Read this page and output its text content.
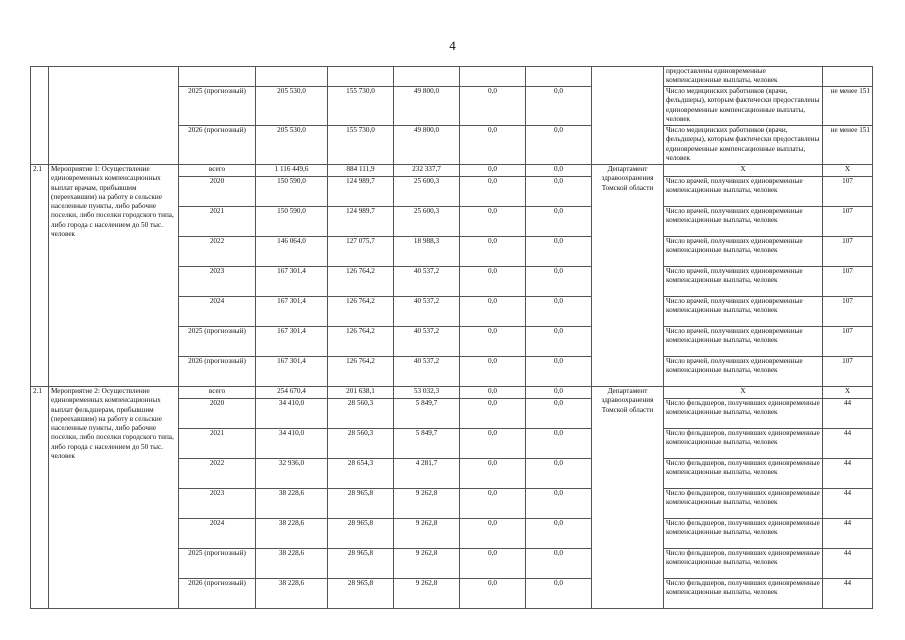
4
									предоставлены единовременные компенсационные выплаты, человек	
		2025 (прогнозный)	205 530,0	155 730,0	49 800,0	0,0	0,0		Число медицинских работников (врачи, фельдшеры), которым фактически предоставлены единовременные компенсационные выплаты, человек	не менее 151
		2026 (прогнозный)	205 530,0	155 730,0	49 800,0	0,0	0,0		Число медицинских работников (врачи, фельдшеры), которым фактически предоставлены единовременные компенсационные выплаты, человек	не менее 151
2.1	Мероприятие 1: Осуществление единовременных компенсационных выплат врачам, прибывшим (переехавшим) на работу в сельские населенные пункты, либо рабочие поселки, либо поселки городского типа, либо города с населением до 50 тыс. человек	всего	1 116 449,6	884 111,9	232 337,7	0,0	0,0	Департамент здравоохранения Томской области	Х	Х
		2020	150 590,0	124 989,7	25 600,3	0,0	0,0		Число врачей, получивших единовременные компенсационные выплаты, человек	107
		2021	150 590,0	124 989,7	25 600,3	0,0	0,0		Число врачей, получивших единовременные компенсационные выплаты, человек	107
		2022	146 064,0	127 075,7	18 988,3	0,0	0,0		Число врачей, получивших единовременные компенсационные выплаты, человек	107
		2023	167 301,4	126 764,2	40 537,2	0,0	0,0		Число врачей, получивших единовременные компенсационные выплаты, человек	107
		2024	167 301,4	126 764,2	40 537,2	0,0	0,0		Число врачей, получивших единовременные компенсационные выплаты, человек	107
		2025 (прогнозный)	167 301,4	126 764,2	40 537,2	0,0	0,0		Число врачей, получивших единовременные компенсационные выплаты, человек	107
		2026 (прогнозный)	167 301,4	126 764,2	40 537,2	0,0	0,0		Число врачей, получивших единовременные компенсационные выплаты, человек	107
2.1	Мероприятие 2: Осуществление единовременных компенсационных выплат фельдшерам, прибывшим (переехавшим) на работу в сельские населенные пункты, либо рабочие поселки, либо поселки городского типа, либо города с населением до 50 тыс. человек	всего	254 670,4	201 638,1	53 032,3	0,0	0,0	Департамент здравоохранения Томской области	Х	Х
		2020	34 410,0	28 560,3	5 849,7	0,0	0,0		Число фельдшеров, получивших единовременные компенсационные выплаты, человек	44
		2021	34 410,0	28 560,3	5 849,7	0,0	0,0		Число фельдшеров, получивших единовременные компенсационные выплаты, человек	44
		2022	32 936,0	28 654,3	4 281,7	0,0	0,0		Число фельдшеров, получивших единовременные компенсационные выплаты, человек	44
		2023	38 228,6	28 965,8	9 262,8	0,0	0,0		Число фельдшеров, получивших единовременные компенсационные выплаты, человек	44
		2024	38 228,6	28 965,8	9 262,8	0,0	0,0		Число фельдшеров, получивших единовременные компенсационные выплаты, человек	44
		2025 (прогнозный)	38 228,6	28 965,8	9 262,8	0,0	0,0		Число фельдшеров, получивших единовременные компенсационные выплаты, человек	44
		2026 (прогнозный)	38 228,6	28 965,8	9 262,8	0,0	0,0		Число фельдшеров, получивших единовременные компенсационные выплаты, человек	44
